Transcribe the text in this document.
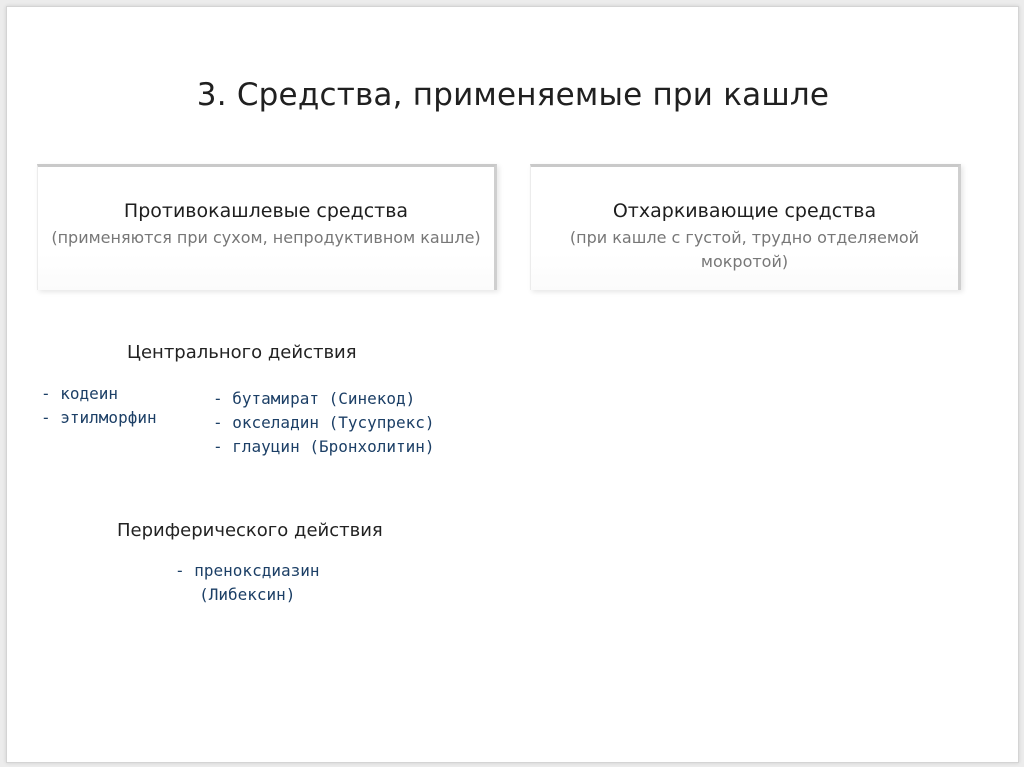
3. Средства, применяемые при кашле
Противокашлевые средства
(применяются при сухом, непродуктивном кашле)
Отхаркивающие средства
(при кашле с густой, трудно отделяемой мокротой)
Центрального действия
- кодеин
- этилморфин
- бутамират (Синекод)
- окселадин (Тусупрекс)
- глауцин (Бронхолитин)
Периферического действия
- преноксдиазин
(Либексин)
